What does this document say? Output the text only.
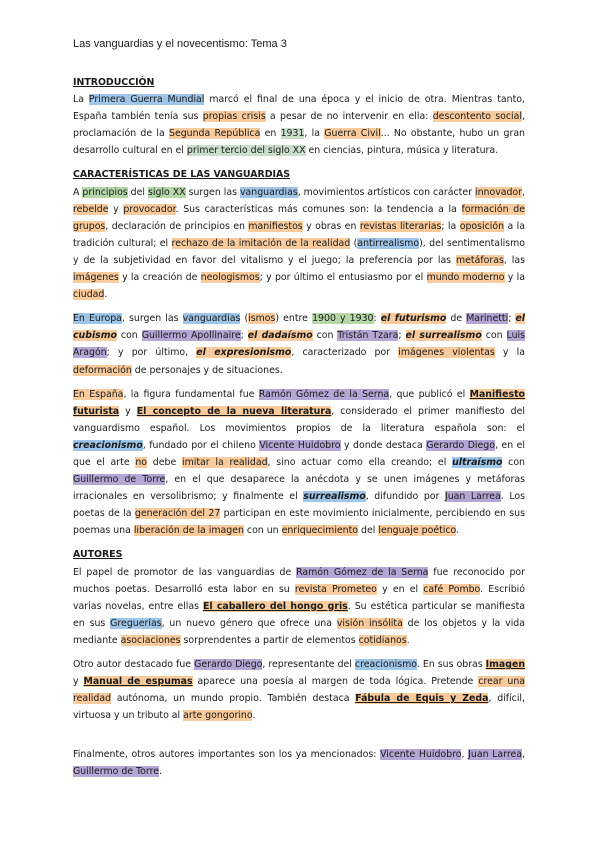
Las vanguardias y el novecentismo: Tema 3
INTRODUCCIÓN

La Primera Guerra Mundial marcó el final de una época y el inicio de otra. Mientras tanto, España también tenía sus propias crisis a pesar de no intervenir en ella: descontento social, proclamación de la Segunda República en 1931, la Guerra Civil... No obstante, hubo un gran desarrollo cultural en el primer tercio del siglo XX en ciencias, pintura, música y literatura.

CARACTERÍSTICAS DE LAS VANGUARDIAS

A principios del siglo XX surgen las vanguardias, movimientos artísticos con carácter innovador, rebelde y provocador. Sus características más comunes son: la tendencia a la formación de grupos, declaración de principios en manifiestos y obras en revistas literarias; la oposición a la tradición cultural; el rechazo de la imitación de la realidad (antirrealismo), del sentimentalismo y de la subjetividad en favor del vitalismo y el juego; la preferencia por las metáforas, las imágenes y la creación de neologismos; y por último el entusiasmo por el mundo moderno y la ciudad.

En Europa, surgen las vanguardias (ismos) entre 1900 y 1930: el futurismo de Marinetti; el cubismo con Guillermo Apollinaire; el dadaísmo con Tristán Tzara; el surrealismo con Luis Aragón; y por último, el expresionismo, caracterizado por imágenes violentas y la deformación de personajes y de situaciones.

En España, la figura fundamental fue Ramón Gómez de la Serna, que publicó el Manifiesto futurista y El concepto de la nueva literatura, considerado el primer manifiesto del vanguardismo español. Los movimientos propios de la literatura española son: el creacionismo, fundado por el chileno Vicente Huidobro y donde destaca Gerardo Diego, en el que el arte no debe imitar la realidad, sino actuar como ella creando; el ultraísmo con Guillermo de Torre, en el que desaparece la anécdota y se unen imágenes y metáforas irracionales en versolibrismo; y finalmente el surrealismo, difundido por Juan Larrea. Los poetas de la generación del 27 participan en este movimiento inicialmente, percibiendo en sus poemas una liberación de la imagen con un enriquecimiento del lenguaje poético.

AUTORES

El papel de promotor de las vanguardias de Ramón Gómez de la Serna fue reconocido por muchos poetas. Desarrolló esta labor en su revista Prometeo y en el café Pombo. Escribió varias novelas, entre ellas El caballero del hongo gris. Su estética particular se manifiesta en sus Greguerías, un nuevo género que ofrece una visión insólita de los objetos y la vida mediante asociaciones sorprendentes a partir de elementos cotidianos.

Otro autor destacado fue Gerardo Diego, representante del creacionismo. En sus obras Imagen y Manual de espumas aparece una poesía al margen de toda lógica. Pretende crear una realidad autónoma, un mundo propio. También destaca Fábula de Equis y Zeda, difícil, virtuosa y un tributo al arte gongorino.

Finalmente, otros autores importantes son los ya mencionados: Vicente Huidobro, Juan Larrea, Guillermo de Torre.
